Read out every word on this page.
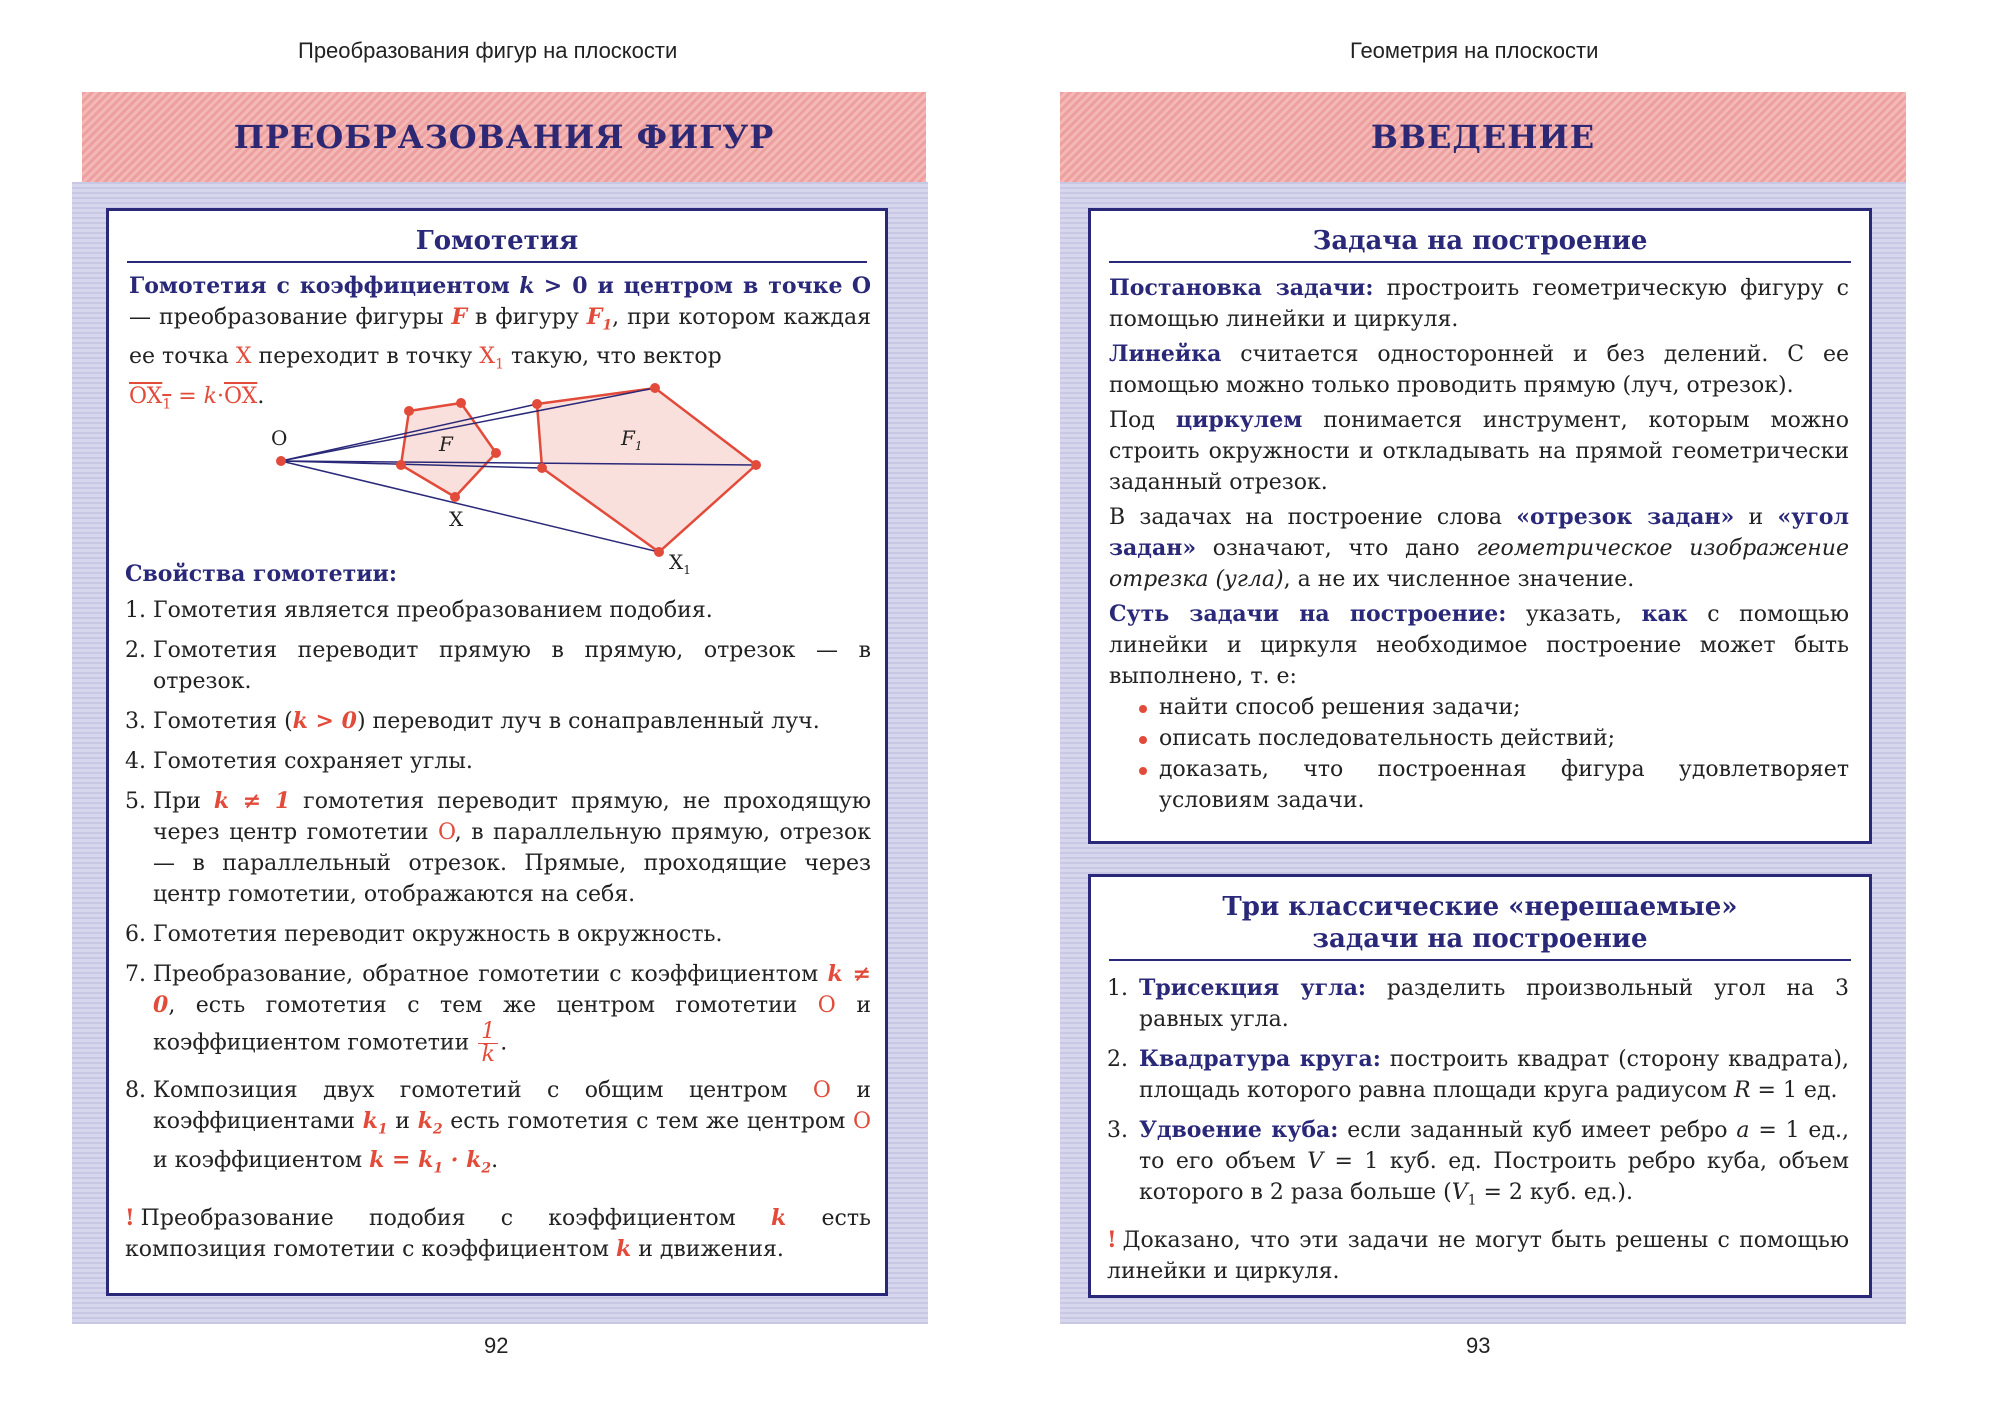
Преобразования фигур на плоскости
ПРЕОБРАЗОВАНИЯ ФИГУР
Гомотетия
Гомотетия с коэффициентом k > 0 и центром в точке O — преобразование фигуры F в фигуру $F_1$, при котором каждая ее точка X переходит в точку $X_1$ такую, что вектор
$OX_1 = k\cdot\overline{OX}$.
O
X
$X_1$
F	$F_1$
Свойства гомотетии:
1. Гомотетия является преобразованием подобия.
2. Гомотетия переводит прямую в прямую, отрезок — в отрезок.
3. Гомотетия (k > 0) переводит луч в сонаправленный луч.
4. Гомотетия сохраняет углы.
5. При k ≠ 1 гомотетия переводит прямую, не проходящую через центр гомотетии O, в параллельную прямую, отрезок — в параллельный отрезок. Прямые, проходящие через центр гомотетии, отображаются на себя.
6. Гомотетия переводит окружность в окружность.
7. Преобразование, обратное гомотетии с коэффициентом k ≠ 0, есть гомотетия с тем же центром гомотетии O и коэффициентом гомотетии $\frac{1}{k}$ .
8. Композиция двух гомотетий с общим центром O и коэффициентами $k_1$ и $k_2$ есть гомотетия с тем же центром O и коэффициентом $k = k_1 \cdot k_2$.
! Преобразование подобия с коэффициентом k есть композиция гомотетии с коэффициентом k и движения.
92
Геометрия на плоскости
ВВЕДЕНИЕ
Задача на построение
Постановка задачи: простроить геометрическую фигуру с помощью линейки и циркуля.
Линейка считается односторонней и без делений. С ее помощью можно только проводить прямую (луч, отрезок).
Под циркулем понимается инструмент, которым можно строить окружности и откладывать на прямой геометрически заданный отрезок.
В задачах на построение слова «отрезок задан» и «угол задан» означают, что дано геометрическое изображение отрезка (угла), а не их численное значение.
Суть задачи на построение: указать, как с помощью линейки и циркуля необходимое построение может быть выполнено, т. е:
найти способ решения задачи;
описать последовательность действий;
доказать, что построенная фигура удовлетворяет условиям задачи.
Три классические «нерешаемые»
задачи на построение
1. Трисекция угла: разделить произвольный угол на 3 равных угла.
2. Квадратура круга: построить квадрат (сторону квадрата), площадь которого равна площади круга радиусом R = 1 ед.
3. Удвоение куба: если заданный куб имеет ребро a = 1 ед., то его объем V = 1 куб. ед. Построить ребро куба, объем которого в 2 раза больше ($V_1 = 2$ куб. ед.).
! Доказано, что эти задачи не могут быть решены с помощью линейки и циркуля.
93
